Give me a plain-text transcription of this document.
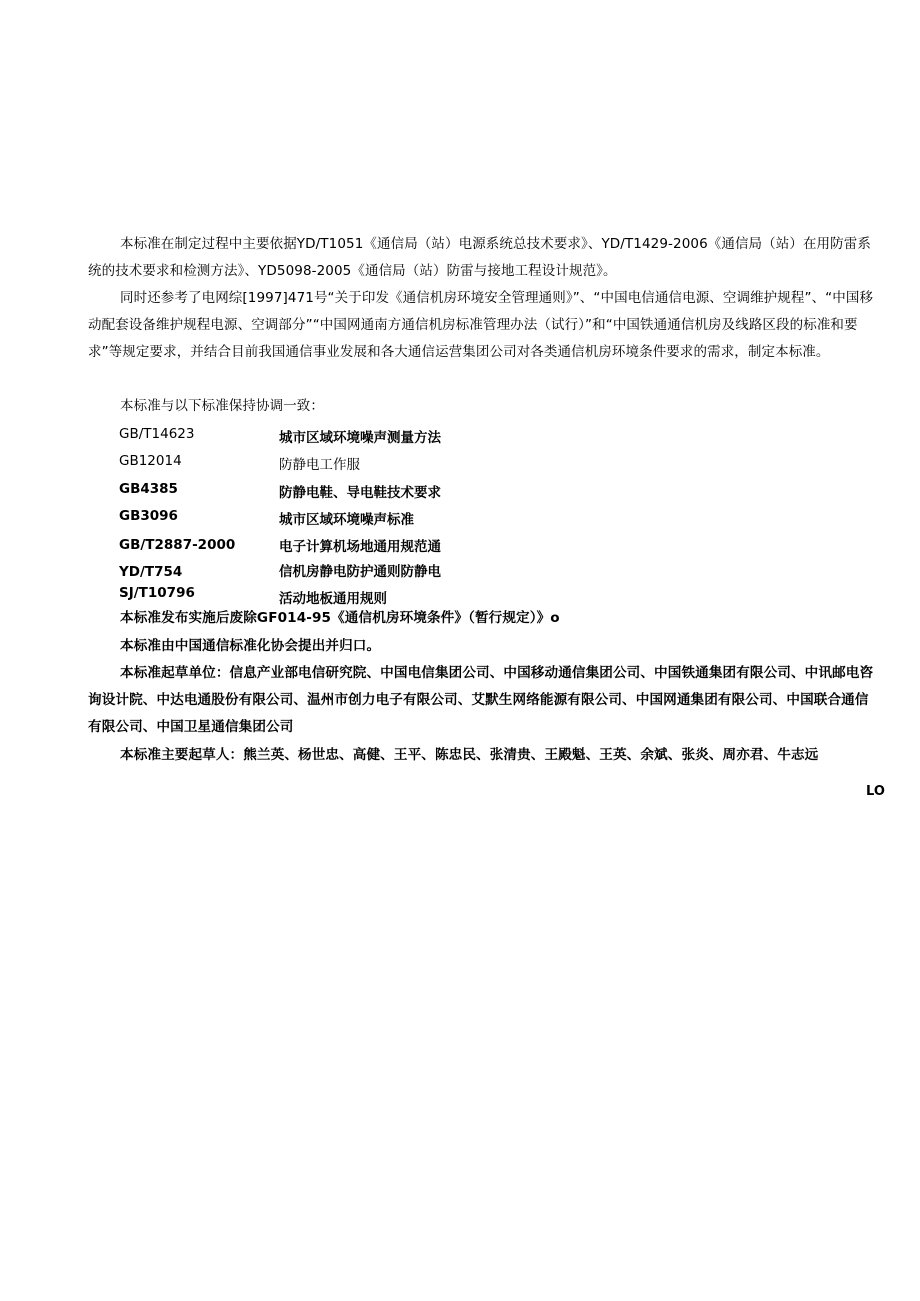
本标准在制定过程中主要依据YD/T1051《通信局（站）电源系统总技术要求》、YD/T1429-2006《通信局（站）在用防雷系统的技术要求和检测方法》、YD5098-2005《通信局（站）防雷与接地工程设计规范》。

同时还参考了电网综[1997]471号“关于印发《通信机房环境安全管理通则》”、“中国电信通信电源、空调维护规程”、“中国移动配套设备维护规程电源、空调部分”“中国网通南方通信机房标准管理办法（试行）”和“中国铁通通信机房及线路区段的标准和要求”等规定要求，并结合目前我国通信事业发展和各大通信运营集团公司对各类通信机房环境条件要求的需求，制定本标准。

本标准与以下标准保持协调一致：

GB/T14623	城市区域环境噪声测量方法
GB12014	防静电工作服
GB4385	防静电鞋、导电鞋技术要求
GB3096	城市区域环境噪声标准
GB/T2887-2000	电子计算机场地通用规范通
YD/T754	信机房静电防护通则防静电
SJ/T10796	活动地板通用规则

本标准发布实施后废除GF014-95《通信机房环境条件》（暂行规定）》o

本标准由中国通信标准化协会提出并归口。

本标准起草单位：信息产业部电信研究院、中国电信集团公司、中国移动通信集团公司、中国铁通集团有限公司、中讯邮电咨询设计院、中达电通股份有限公司、温州市创力电子有限公司、艾默生网络能源有限公司、中国网通集团有限公司、中国联合通信有限公司、中国卫星通信集团公司

本标准主要起草人：熊兰英、杨世忠、高健、王平、陈忠民、张清贵、王殿魁、王英、余斌、张炎、周亦君、牛志远

LO
